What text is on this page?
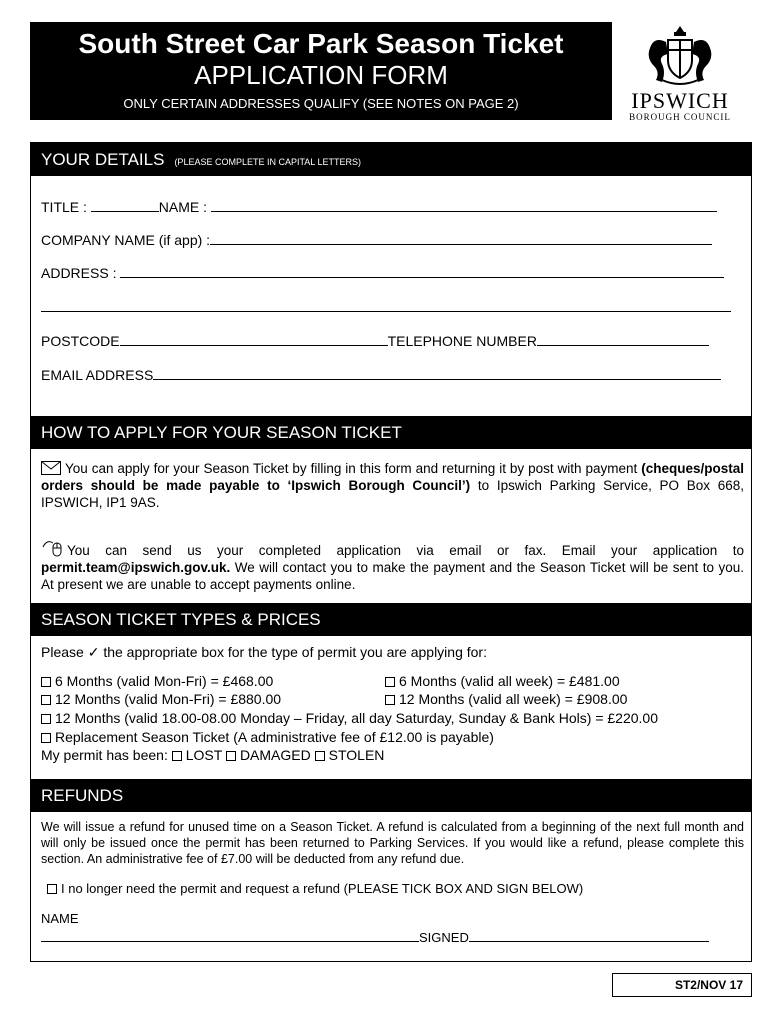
South Street Car Park Season Ticket
APPLICATION FORM
ONLY CERTAIN ADDRESSES QUALIFY (SEE NOTES ON PAGE 2)	IPSWICH
BOROUGH COUNCIL
YOUR DETAILS (PLEASE COMPLETE IN CAPITAL LETTERS)
TITLE :	NAME :
COMPANY NAME (if app) :
ADDRESS :
POSTCODE	TELEPHONE NUMBER
EMAIL ADDRESS
HOW TO APPLY FOR YOUR SEASON TICKET
You can apply for your Season Ticket by filling in this form and returning it by post with payment (cheques/postal orders should be made payable to ‘Ipswich Borough Council’) to Ipswich Parking Service, PO Box 668, IPSWICH, IP1 9AS.
You can send us your completed application via email or fax. Email your application to permit.team@ipswich.gov.uk. We will contact you to make the payment and the Season Ticket will be sent to you. At present we are unable to accept payments online.
SEASON TICKET TYPES & PRICES
Please ✓ the appropriate box for the type of permit you are applying for:
6 Months (valid Mon-Fri) = £468.00	6 Months (valid all week) = £481.00
12 Months (valid Mon-Fri) = £880.00	12 Months (valid all week) = £908.00
12 Months (valid 18.00-08.00 Monday – Friday, all day Saturday, Sunday & Bank Hols) = £220.00
Replacement Season Ticket (A administrative fee of £12.00 is payable)
My permit has been: LOST DAMAGED STOLEN
REFUNDS
We will issue a refund for unused time on a Season Ticket. A refund is calculated from a beginning of the next full month and will only be issued once the permit has been returned to Parking Services. If you would like a refund, please complete this section. An administrative fee of £7.00 will be deducted from any refund due.
I no longer need the permit and request a refund (PLEASE TICK BOX AND SIGN BELOW)
NAME
SIGNED
ST2/NOV 17
